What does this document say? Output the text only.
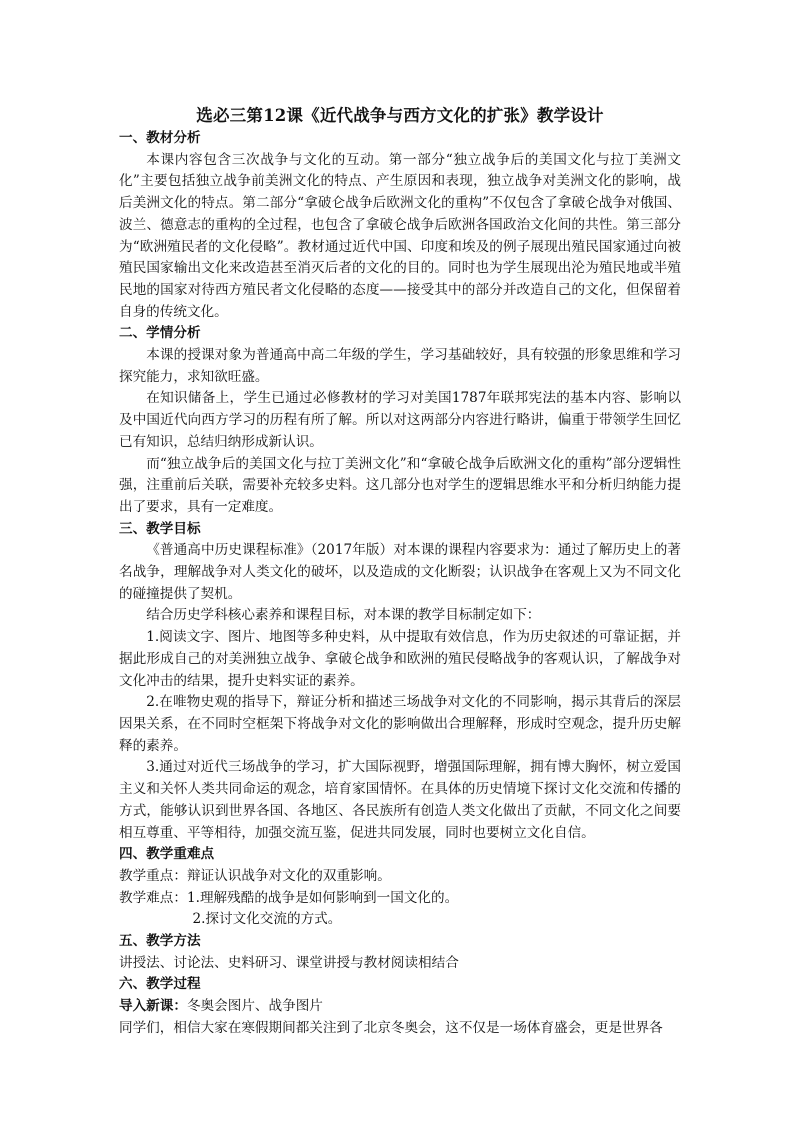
选必三第12课《近代战争与西方文化的扩张》教学设计

一、教材分析

本课内容包含三次战争与文化的互动。第一部分“独立战争后的美国文化与拉丁美洲文化”主要包括独立战争前美洲文化的特点、产生原因和表现，独立战争对美洲文化的影响，战后美洲文化的特点。第二部分“拿破仑战争后欧洲文化的重构”不仅包含了拿破仑战争对俄国、波兰、德意志的重构的全过程，也包含了拿破仑战争后欧洲各国政治文化间的共性。第三部分为“欧洲殖民者的文化侵略”。教材通过近代中国、印度和埃及的例子展现出殖民国家通过向被殖民国家输出文化来改造甚至消灭后者的文化的目的。同时也为学生展现出沦为殖民地或半殖民地的国家对待西方殖民者文化侵略的态度——接受其中的部分并改造自己的文化，但保留着自身的传统文化。

二、学情分析

本课的授课对象为普通高中高二年级的学生，学习基础较好，具有较强的形象思维和学习探究能力，求知欲旺盛。

在知识储备上，学生已通过必修教材的学习对美国1787年联邦宪法的基本内容、影响以及中国近代向西方学习的历程有所了解。所以对这两部分内容进行略讲，偏重于带领学生回忆已有知识，总结归纳形成新认识。

而“独立战争后的美国文化与拉丁美洲文化”和“拿破仑战争后欧洲文化的重构”部分逻辑性强，注重前后关联，需要补充较多史料。这几部分也对学生的逻辑思维水平和分析归纳能力提出了要求，具有一定难度。

三、教学目标

《普通高中历史课程标准》（2017年版）对本课的课程内容要求为：通过了解历史上的著名战争，理解战争对人类文化的破坏，以及造成的文化断裂；认识战争在客观上又为不同文化的碰撞提供了契机。

结合历史学科核心素养和课程目标，对本课的教学目标制定如下：

1.阅读文字、图片、地图等多种史料，从中提取有效信息，作为历史叙述的可靠证据，并据此形成自己的对美洲独立战争、拿破仑战争和欧洲的殖民侵略战争的客观认识，了解战争对文化冲击的结果，提升史料实证的素养。

2.在唯物史观的指导下，辩证分析和描述三场战争对文化的不同影响，揭示其背后的深层因果关系，在不同时空框架下将战争对文化的影响做出合理解释，形成时空观念，提升历史解释的素养。

3.通过对近代三场战争的学习，扩大国际视野，增强国际理解，拥有博大胸怀，树立爱国主义和关怀人类共同命运的观念，培育家国情怀。在具体的历史情境下探讨文化交流和传播的方式，能够认识到世界各国、各地区、各民族所有创造人类文化做出了贡献，不同文化之间要相互尊重、平等相待，加强交流互鉴，促进共同发展，同时也要树立文化自信。

四、教学重难点

教学重点：辩证认识战争对文化的双重影响。

教学难点：1.理解残酷的战争是如何影响到一国文化的。

2.探讨文化交流的方式。

五、教学方法

讲授法、讨论法、史料研习、课堂讲授与教材阅读相结合

六、教学过程

导入新课：冬奥会图片、战争图片

同学们，相信大家在寒假期间都关注到了北京冬奥会，这不仅是一场体育盛会，更是世界各
